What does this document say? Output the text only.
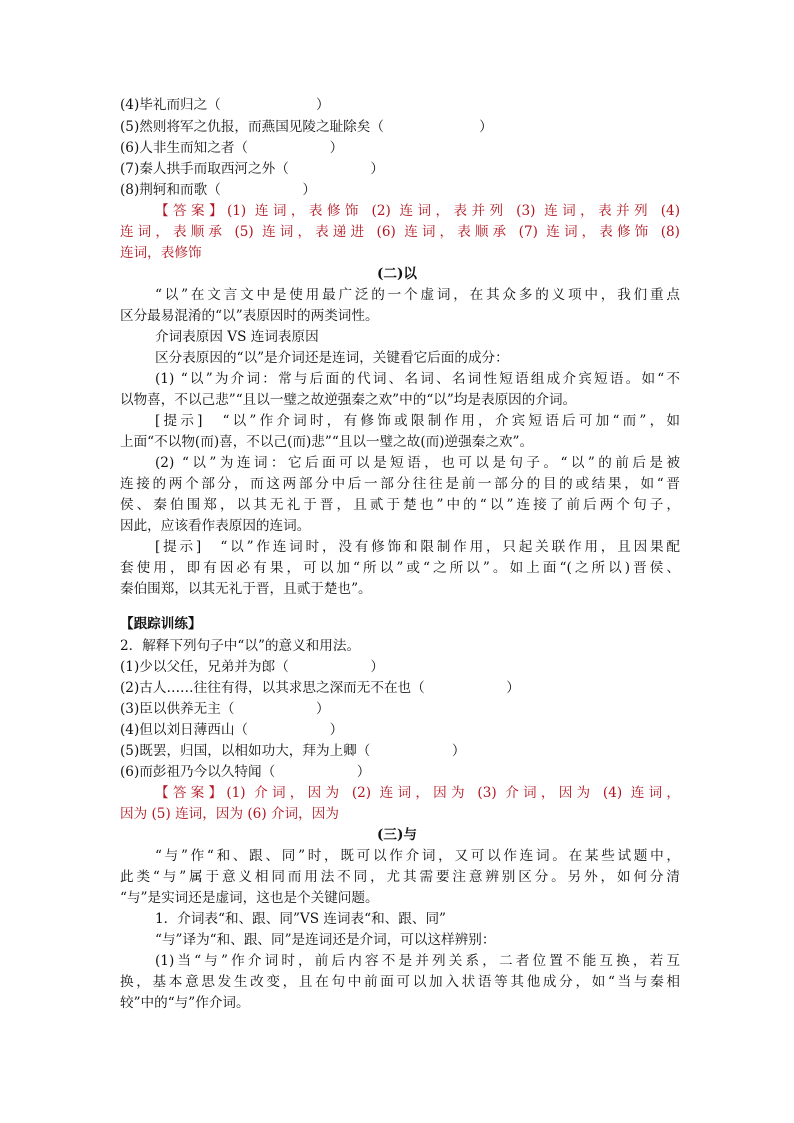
(4)毕礼而归之（　　　　　　　）
(5)然则将军之仇报，而燕国见陵之耻除矣（　　　　　　　）
(6)人非生而知之者（　　　　　　）
(7)秦人拱手而取西河之外（　　　　　　）
(8)荆轲和而歌（　　　　　　）
【答案】(1) 连词，表修饰 (2) 连词，表并列 (3) 连词，表并列 (4)
连词，表顺承 (5) 连词，表递进 (6) 连词，表顺承 (7) 连词，表修饰 (8)
连词，表修饰
(二)以
“以”在文言文中是使用最广泛的一个虚词，在其众多的义项中，我们重点
区分最易混淆的“以”表原因时的两类词性。
介词表原因 VS 连词表原因
区分表原因的“以”是介词还是连词，关键看它后面的成分：
(1) “以”为介词：常与后面的代词、名词、名词性短语组成介宾短语。如“不
以物喜，不以己悲”“且以一璧之故逆强秦之欢”中的“以”均是表原因的介词。
[提示]　“以”作介词时，有修饰或限制作用，介宾短语后可加“而”，如
上面“不以物(而)喜，不以己(而)悲”“且以一璧之故(而)逆强秦之欢”。
(2) “以”为连词：它后面可以是短语，也可以是句子。“以”的前后是被
连接的两个部分，而这两部分中后一部分往往是前一部分的目的或结果，如“晋
侯、秦伯围郑，以其无礼于晋，且贰于楚也”中的“以”连接了前后两个句子，
因此，应该看作表原因的连词。
[提示]　“以”作连词时，没有修饰和限制作用，只起关联作用，且因果配
套使用，即有因必有果，可以加“所以”或“之所以”。如上面“(之所以)晋侯、
秦伯围郑，以其无礼于晋，且贰于楚也”。
【跟踪训练】
2．解释下列句子中“以”的意义和用法。
(1)少以父任，兄弟并为郎（　　　　　　）
(2)古人……往往有得，以其求思之深而无不在也（　　　　　　）
(3)臣以供养无主（　　　　　　）
(4)但以刘日薄西山（　　　　　　）
(5)既罢，归国，以相如功大，拜为上卿（　　　　　　）
(6)而彭祖乃今以久特闻（　　　　　　）
【答案】(1) 介词，因为 (2) 连词，因为 (3) 介词，因为 (4) 连词，
因为 (5) 连词，因为 (6) 介词，因为
(三)与
“与”作“和、跟、同”时，既可以作介词，又可以作连词。在某些试题中，
此类“与”属于意义相同而用法不同，尤其需要注意辨别区分。另外，如何分清
“与”是实词还是虚词，这也是个关键问题。
1．介词表“和、跟、同”VS 连词表“和、跟、同”
“与”译为“和、跟、同”是连词还是介词，可以这样辨别：
(1)当“与”作介词时，前后内容不是并列关系，二者位置不能互换，若互
换，基本意思发生改变，且在句中前面可以加入状语等其他成分，如“当与秦相
较”中的“与”作介词。
